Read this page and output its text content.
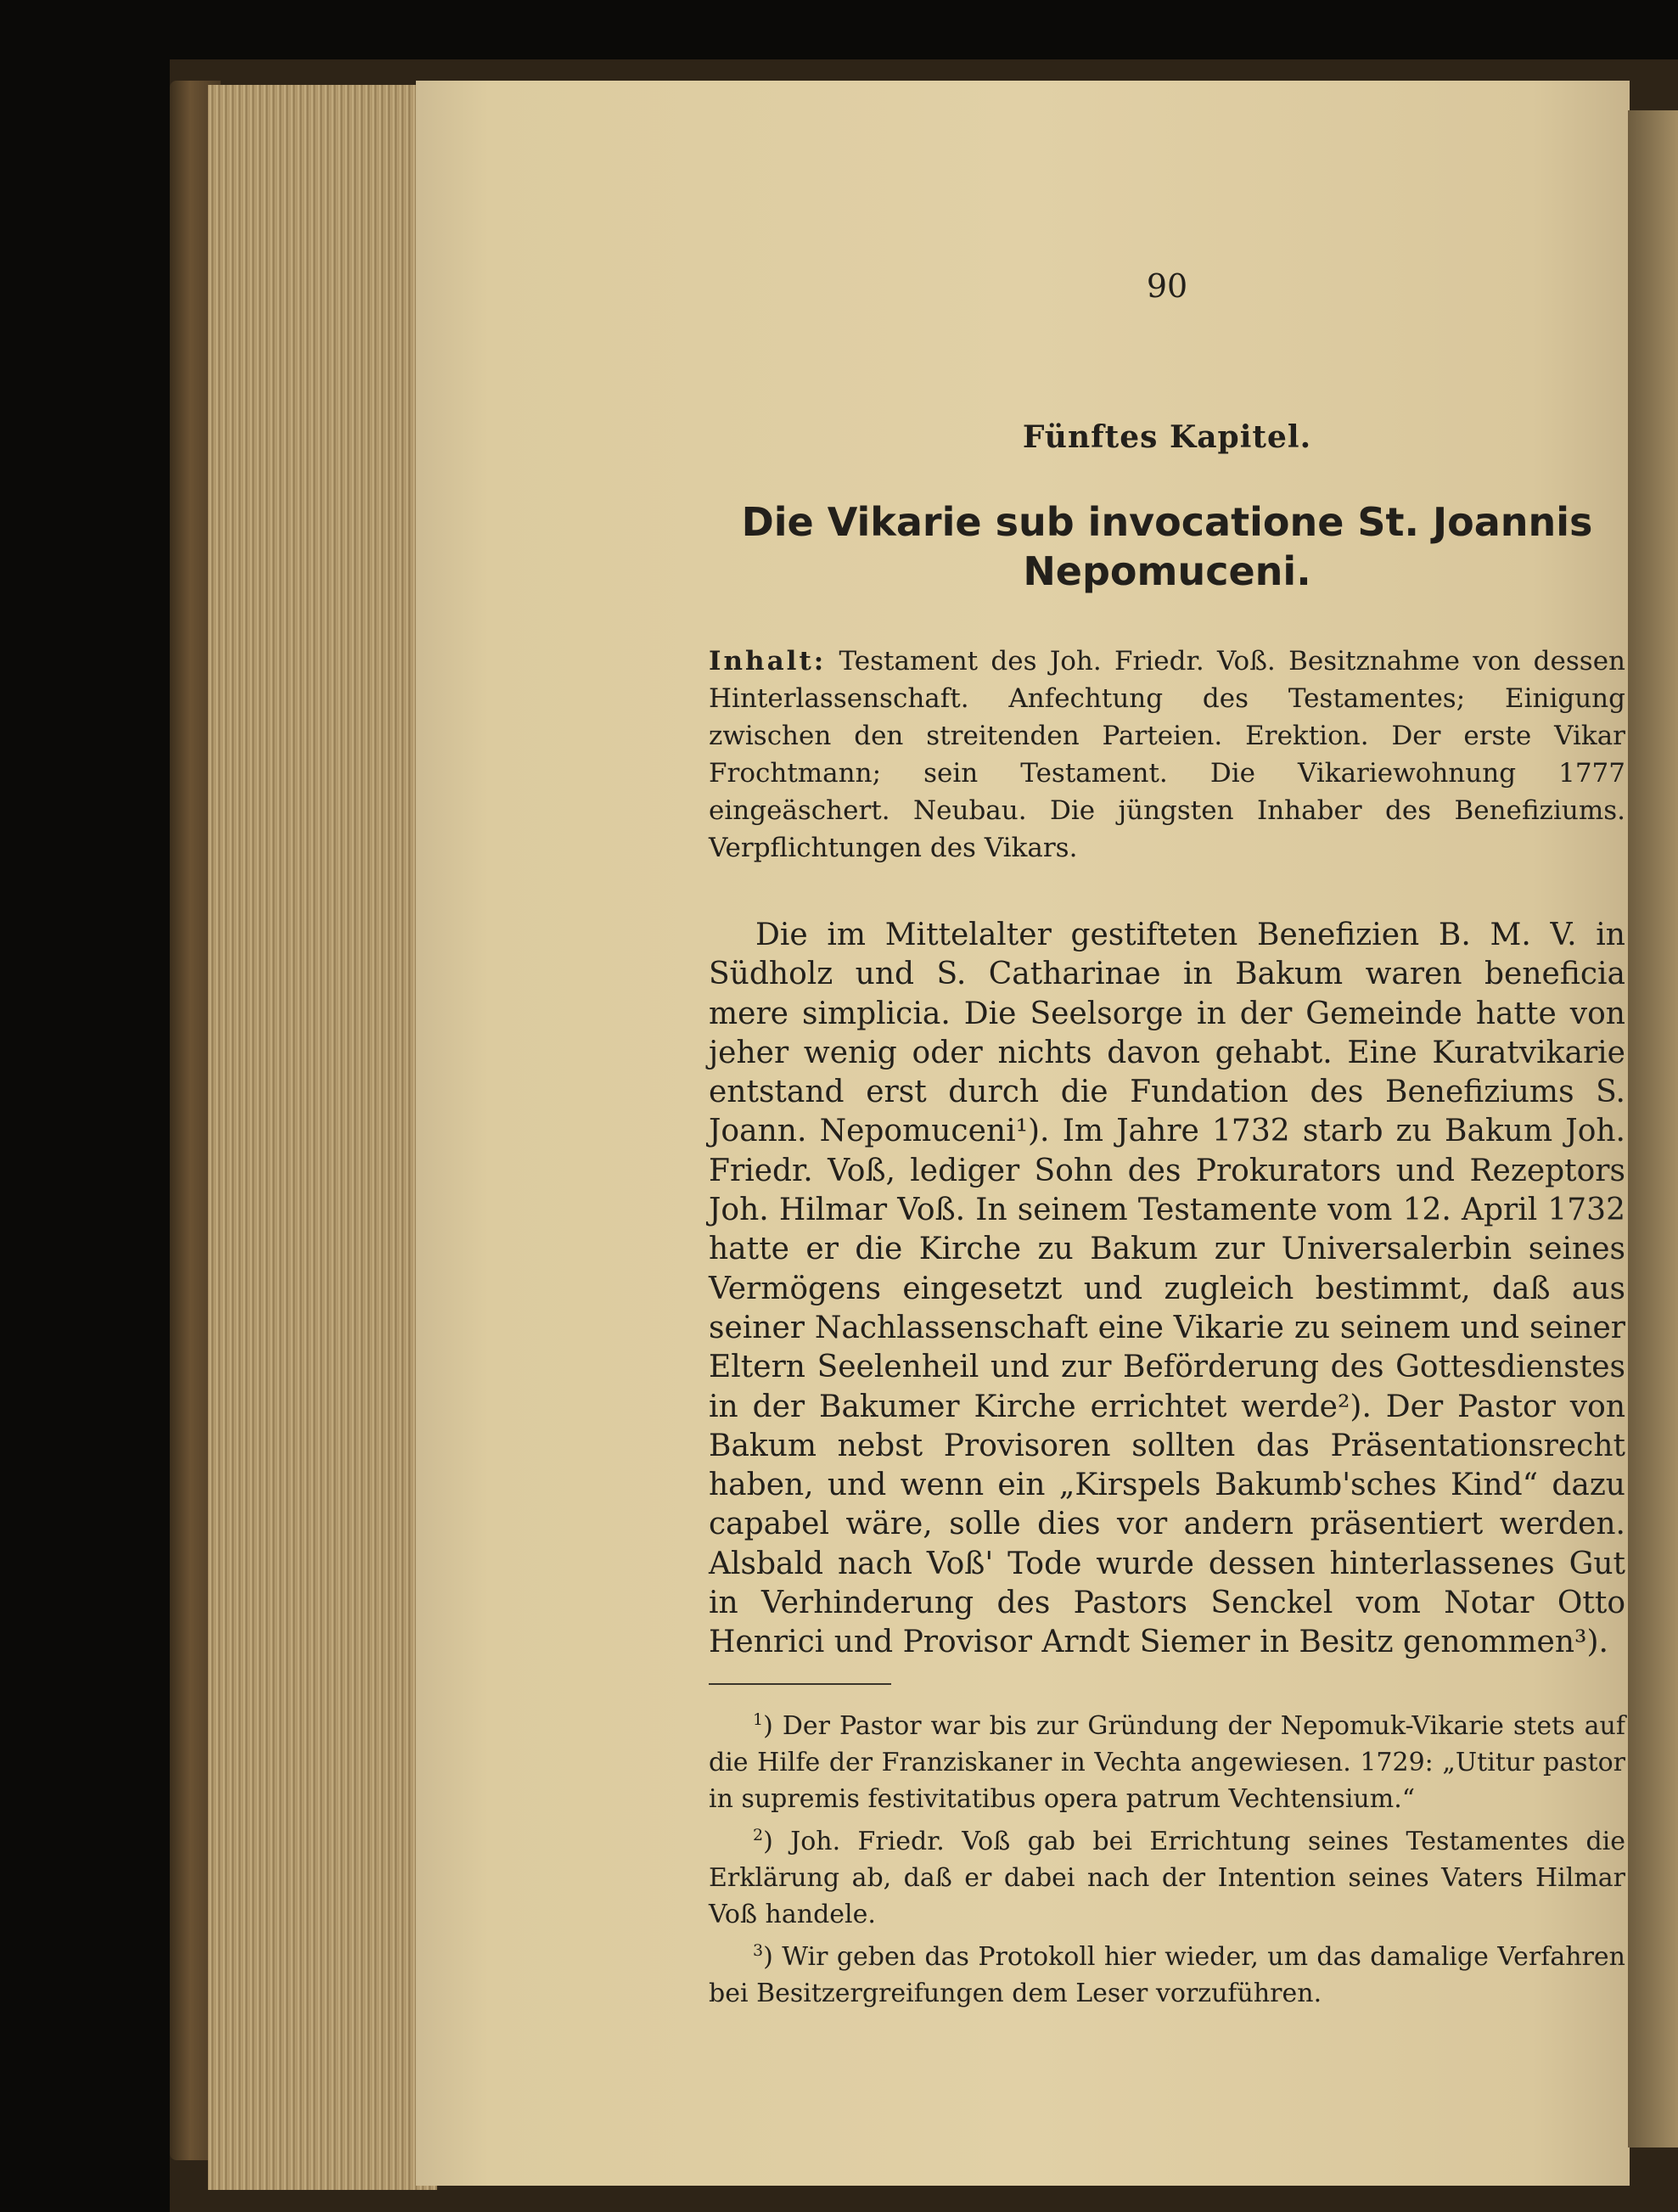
90
Fünftes Kapitel.
Die Vikarie sub invocatione St. Joannis
Nepomuceni.
Inhalt: Testament des Joh. Friedr. Voß. Besitznahme von dessen Hinterlassenschaft. Anfechtung des Testamentes; Einigung zwischen den streitenden Parteien. Erektion. Der erste Vikar Frochtmann; sein Testament. Die Vikariewohnung 1777 eingeäschert. Neubau. Die jüngsten Inhaber des Benefiziums. Verpflichtungen des Vikars.

Die im Mittelalter gestifteten Benefizien B. M. V. in Südholz und S. Catharinae in Bakum waren beneficia mere simplicia. Die Seelsorge in der Gemeinde hatte von jeher wenig oder nichts davon gehabt. Eine Kuratvikarie entstand erst durch die Fundation des Benefiziums S. Joann. Nepomuceni¹). Im Jahre 1732 starb zu Bakum Joh. Friedr. Voß, lediger Sohn des Prokurators und Rezeptors Joh. Hilmar Voß. In seinem Testamente vom 12. April 1732 hatte er die Kirche zu Bakum zur Universalerbin seines Vermögens eingesetzt und zugleich bestimmt, daß aus seiner Nachlassenschaft eine Vikarie zu seinem und seiner Eltern Seelenheil und zur Beförderung des Gottesdienstes in der Bakumer Kirche errichtet werde²). Der Pastor von Bakum nebst Provisoren sollten das Präsentationsrecht haben, und wenn ein „Kirspels Bakumb'sches Kind“ dazu capabel wäre, solle dies vor andern präsentiert werden. Alsbald nach Voß' Tode wurde dessen hinterlassenes Gut in Verhinderung des Pastors Senckel vom Notar Otto Henrici und Provisor Arndt Siemer in Besitz genommen³).

$^1$) Der Pastor war bis zur Gründung der Nepomuk-Vikarie stets auf die Hilfe der Franziskaner in Vechta angewiesen. 1729: „Utitur pastor in supremis festivitatibus opera patrum Vechtensium.“

$^2$) Joh. Friedr. Voß gab bei Errichtung seines Testamentes die Erklärung ab, daß er dabei nach der Intention seines Vaters Hilmar Voß handele.

$^3$) Wir geben das Protokoll hier wieder, um das damalige Verfahren bei Besitzergreifungen dem Leser vorzuführen.
